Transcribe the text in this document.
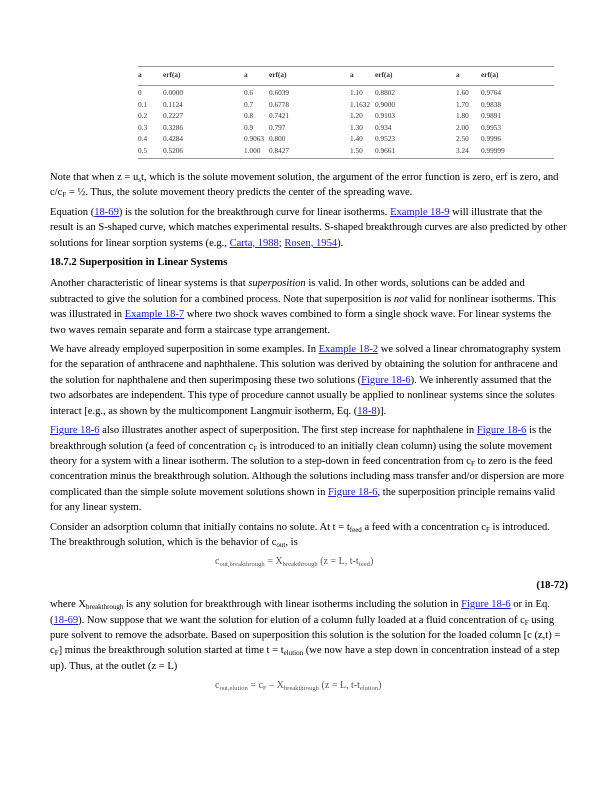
a	erf(a)	a	erf(a)	a	erf(a)	a	erf(a)
0	0.0000	0.6	0.6039	1.10	0.8802	1.60	0.9764
0.1	0.1124	0.7	0.6778	1.1632	0.9000	1.70	0.9838
0.2	0.2227	0.8	0.7421	1.20	0.9103	1.80	0.9891
0.3	0.3286	0.9	0.797	1.30	0.934	2.00	0.9953
0.4	0.4284	0.9063	0.800	1.40	0.9523	2.50	0.9996
0.5	0.5206	1.000	0.8427	1.50	0.9661	3.24	0.99999

Note that when $z = u_st$, which is the solute movement solution, the argument of the error function is zero, erf is zero, and $c/c_F$ = ½. Thus, the solute movement theory predicts the center of the spreading wave.

Equation (18-69) is the solution for the breakthrough curve for linear isotherms. Example 18-9 will illustrate that the result is an S-shaped curve, which matches experimental results. S-shaped breakthrough curves are also predicted by other solutions for linear sorption systems (e.g., Carta, 1988; Rosen, 1954).

18.7.2 Superposition in Linear Systems

Another characteristic of linear systems is that superposition is valid. In other words, solutions can be added and subtracted to give the solution for a combined process. Note that superposition is not valid for nonlinear isotherms. This was illustrated in Example 18-7 where two shock waves combined to form a single shock wave. For linear systems the two waves remain separate and form a staircase type arrangement.

We have already employed superposition in some examples. In Example 18-2 we solved a linear chromatography system for the separation of anthracene and naphthalene. This solution was derived by obtaining the solution for anthracene and the solution for naphthalene and then superimposing these two solutions (Figure 18-6). We inherently assumed that the two adsorbates are independent. This type of procedure cannot usually be applied to nonlinear systems since the solutes interact [e.g., as shown by the multicomponent Langmuir isotherm, Eq. (18-8)].

Figure 18-6 also illustrates another aspect of superposition. The first step increase for naphthalene in Figure 18-6 is the breakthrough solution (a feed of concentration $c_F$ is introduced to an initially clean column) using the solute movement theory for a system with a linear isotherm. The solution to a step-down in feed concentration from $c_F$ to zero is the feed concentration minus the breakthrough solution. Although the solutions including mass transfer and/or dispersion are more complicated than the simple solute movement solutions shown in Figure 18-6, the superposition principle remains valid for any linear system.

Consider an adsorption column that initially contains no solute. At $t = t_{feed}$ a feed with a concentration $c_F$ is introduced. The breakthrough solution, which is the behavior of $c_{out}$, is

$c_{out,breakthrough} = X_{breakthrough}$ (z = L, $t-t_{feed}$)
(18-72)

where $X_{breakthrough}$ is any solution for breakthrough with linear isotherms including the solution in Figure 18-6 or in Eq. (18-69). Now suppose that we want the solution for elution of a column fully loaded at a fluid concentration of $c_F$ using pure solvent to remove the adsorbate. Based on superposition this solution is the solution for the loaded column [c $(z,t) = c_F$] minus the breakthrough solution started at time $t = t_{elution}$ (we now have a step down in concentration instead of a step up). Thus, at the outlet (z = L)

$c_{out,elution} = c_F - X_{breakthrough}$ (z = L, $t-t_{elution}$)
